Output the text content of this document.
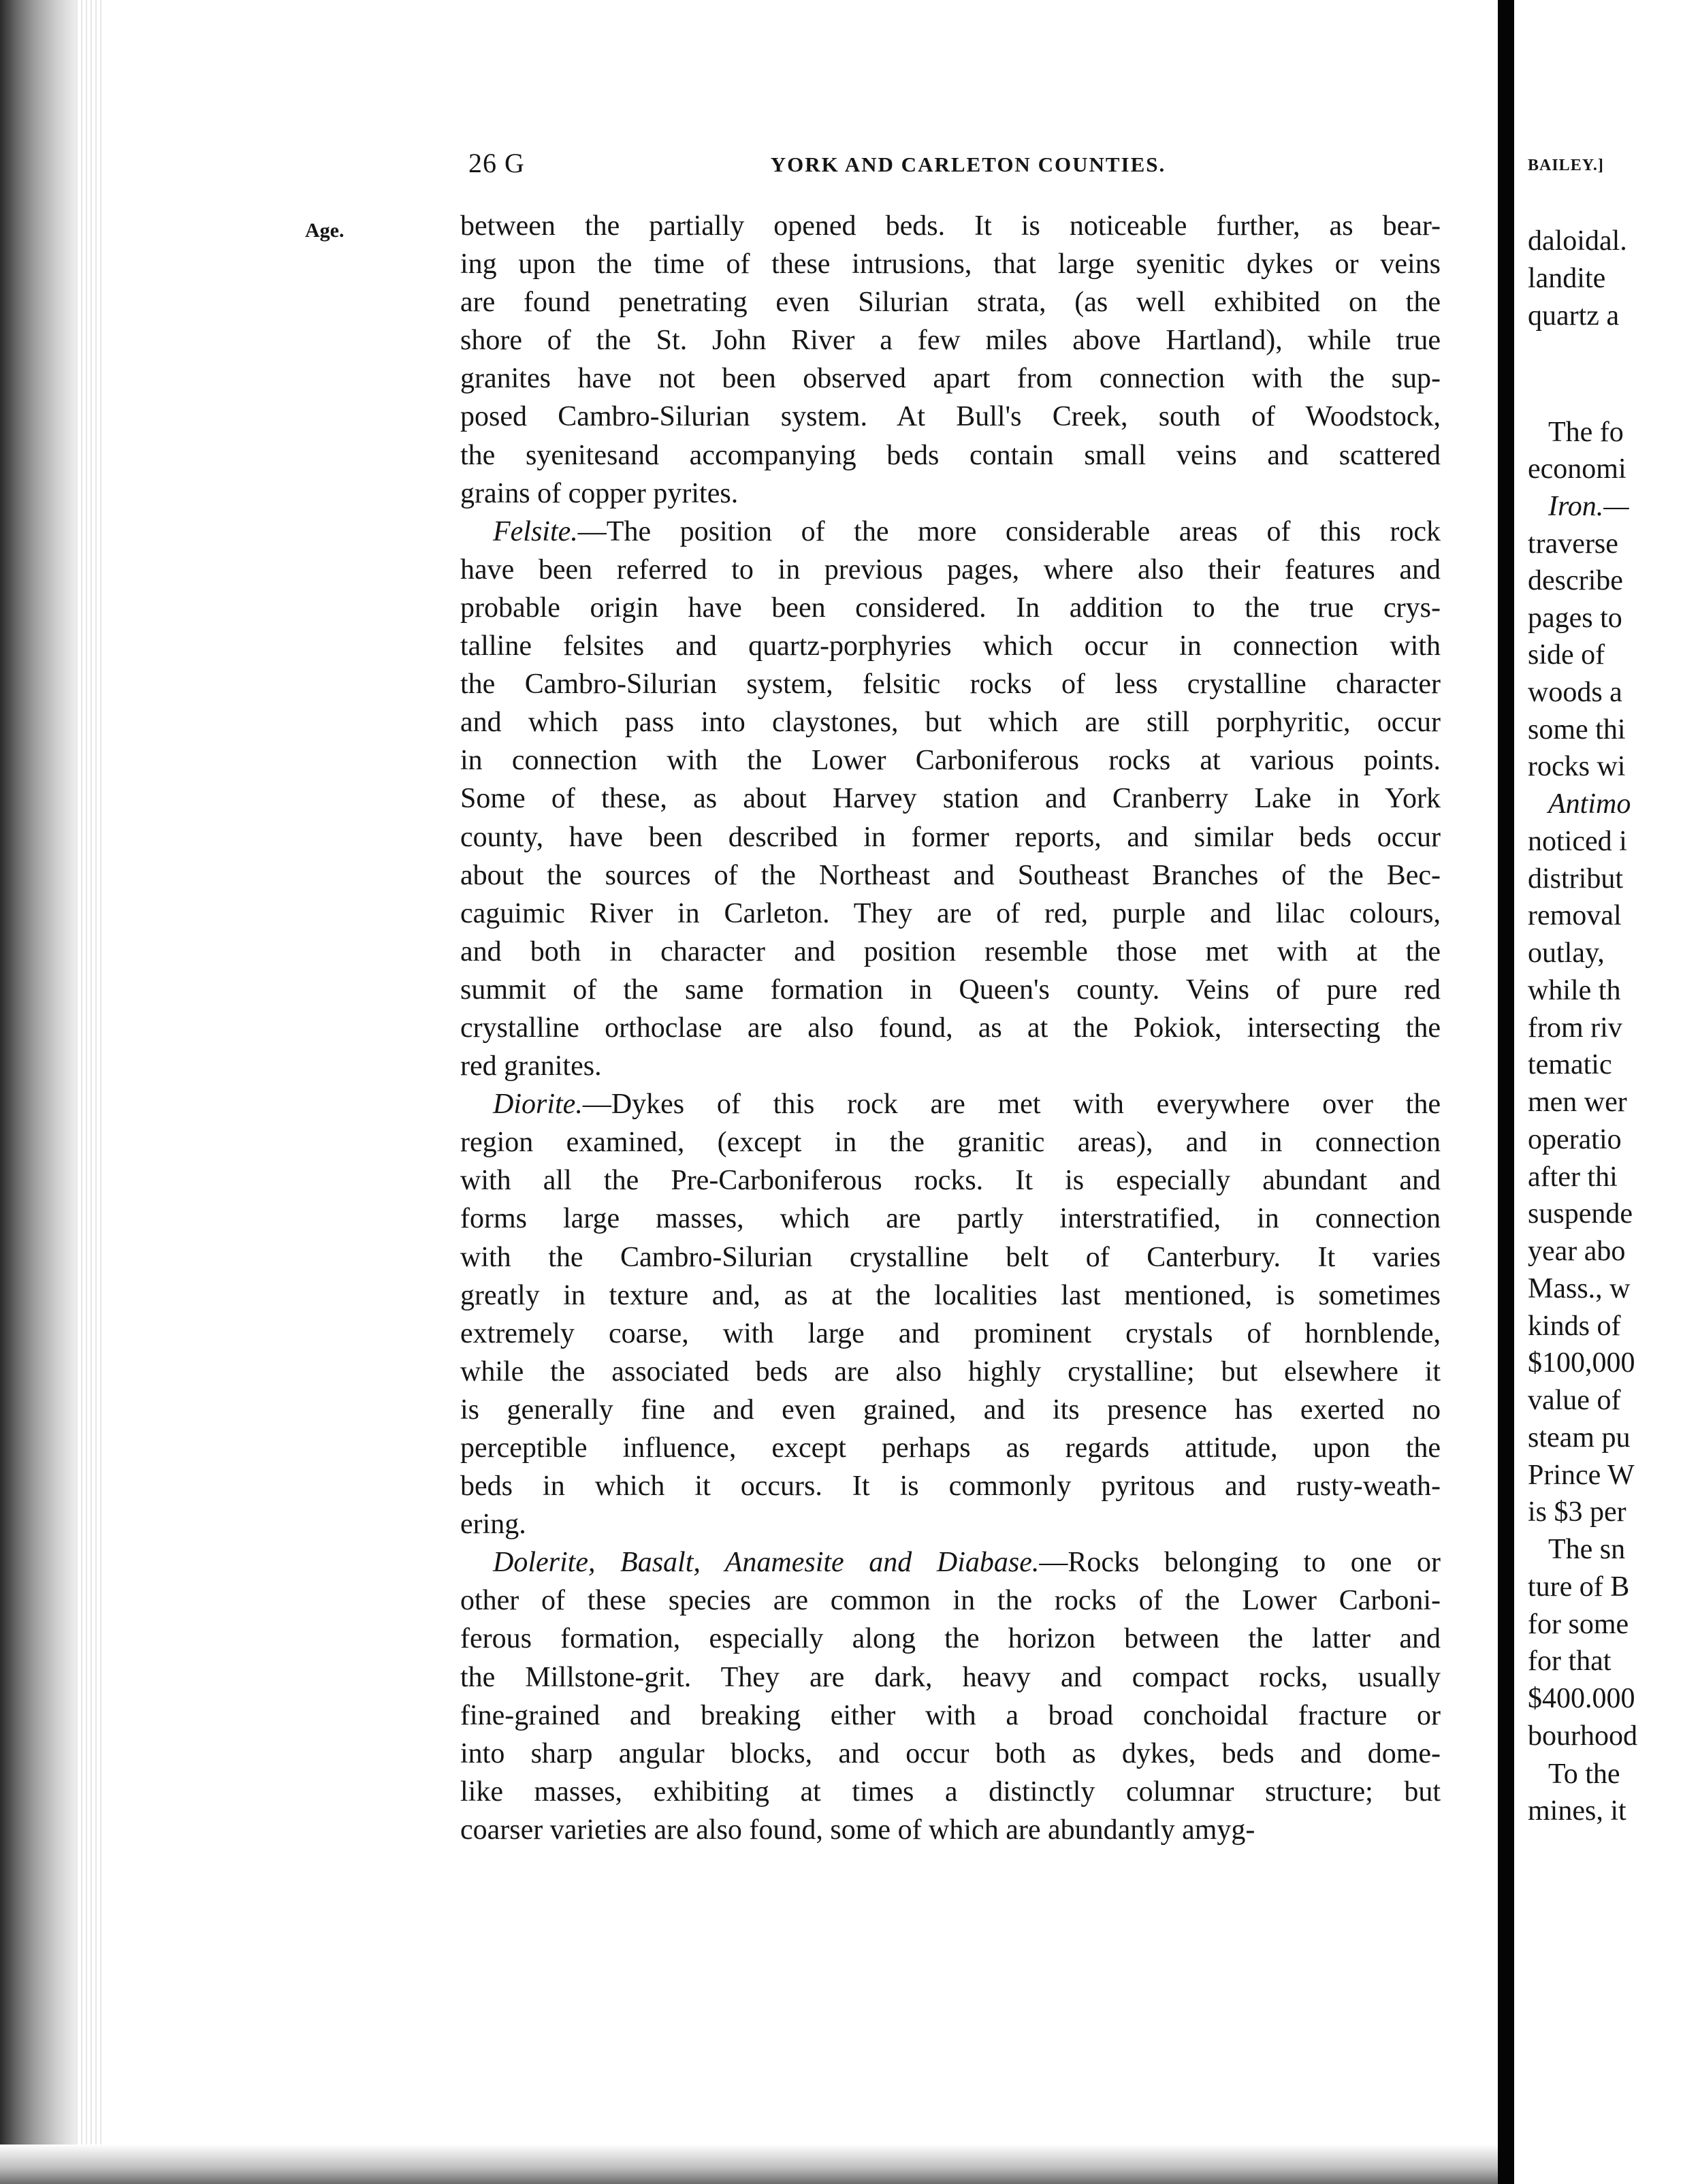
26 G	YORK AND CARLETON COUNTIES.
Age.	between the partially opened beds. It is noticeable further, as bear-
ing upon the time of these intrusions, that large syenitic dykes or veins
are found penetrating even Silurian strata, (as well exhibited on the
shore of the St. John River a few miles above Hartland), while true
granites have not been observed apart from connection with the sup-
posed Cambro-Silurian system. At Bull's Creek, south of Woodstock,
the syenitesand accompanying beds contain small veins and scattered
grains of copper pyrites.
Felsite.—The position of the more considerable areas of this rock
have been referred to in previous pages, where also their features and
probable origin have been considered. In addition to the true crys-
talline felsites and quartz-porphyries which occur in connection with
the Cambro-Silurian system, felsitic rocks of less crystalline character
and which pass into claystones, but which are still porphyritic, occur
in connection with the Lower Carboniferous rocks at various points.
Some of these, as about Harvey station and Cranberry Lake in York
county, have been described in former reports, and similar beds occur
about the sources of the Northeast and Southeast Branches of the Bec-
caguimic River in Carleton. They are of red, purple and lilac colours,
and both in character and position resemble those met with at the
summit of the same formation in Queen's county. Veins of pure red
crystalline orthoclase are also found, as at the Pokiok, intersecting the
red granites.
Diorite.—Dykes of this rock are met with everywhere over the
region examined, (except in the granitic areas), and in connection
with all the Pre-Carboniferous rocks. It is especially abundant and
forms large masses, which are partly interstratified, in connection
with the Cambro-Silurian crystalline belt of Canterbury. It varies
greatly in texture and, as at the localities last mentioned, is sometimes
extremely coarse, with large and prominent crystals of hornblende,
while the associated beds are also highly crystalline; but elsewhere it
is generally fine and even grained, and its presence has exerted no
perceptible influence, except perhaps as regards attitude, upon the
beds in which it occurs. It is commonly pyritous and rusty-weath-
ering.
Dolerite, Basalt, Anamesite and Diabase.—Rocks belonging to one or
other of these species are common in the rocks of the Lower Carboni-
ferous formation, especially along the horizon between the latter and
the Millstone-grit. They are dark, heavy and compact rocks, usually
fine-grained and breaking either with a broad conchoidal fracture or
into sharp angular blocks, and occur both as dykes, beds and dome-
like masses, exhibiting at times a distinctly columnar structure; but
coarser varieties are also found, some of which are abundantly amyg-
BAILEY.]
daloidal.
landite
quartz a
The fo
economi
Iron.—
traverse
describe
pages to
side of
woods a
some thi
rocks wi
Antimo
noticed i
distribut
removal
outlay,
while th
from riv
tematic
men wer
operatio
after thi
suspende
year abo
Mass., w
kinds of
$100,000
value of
steam pu
Prince W
is $3 per
The sn
ture of B
for some
for that
$400.000
bourhood
To the
mines, it
